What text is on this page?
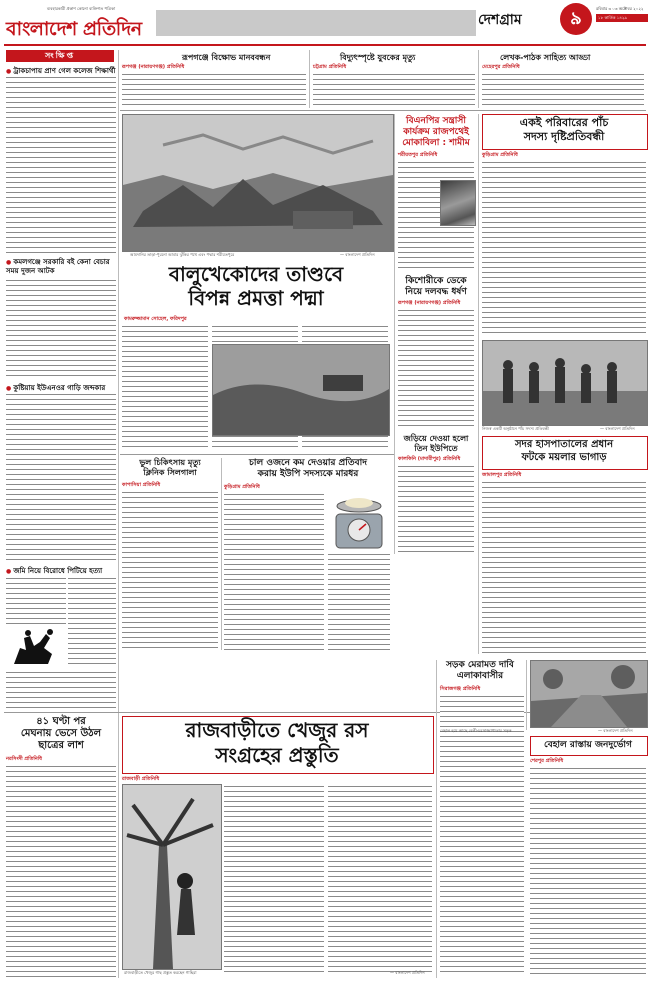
ব্যবহারকারী প্রকাশ কোনো ব্যক্তিগত পত্রিকা
বাংলাদেশ প্রতিদিন	দেশগ্রাম	৯	রবিবার ৩ ০৩ অক্টোবর ২০২২
১৮ কার্তিক ১৪২৯
সংক্ষিপ্ত
● ট্রাকচাপায় প্রাণ গেল কলেজ শিক্ষার্থী
● কমলগঞ্জে সরকারি বই কেনা বেচার সময় দুজন আটক
● কুষ্টিয়ায় ইউএনওর গাড়ি জব্দকার
● জমি নিয়ে বিরোধে পিটিয়ে হত্যা
রূপগঞ্জে বিক্ষোভ মানববন্ধন
রূপগঞ্জ (নারায়ণগঞ্জ) প্রতিনিধি
বিদ্যুৎস্পৃষ্টে যুবকের মৃত্যু
চট্টগ্রাম প্রতিনিধি
লেখক-পাঠক সাহিত্য আড্ডা
মেহেরপুর প্রতিনিধি
আমদানির তাড়া-পুরনো আবার ঝুঁকির পথে এবং পদ্মার শরীয়তপুরে	— বাংলাদেশ প্রতিদিন
বালুখেকোদের তাণ্ডবে
বিপন্ন প্রমত্তা পদ্মা
কামরুজ্জামান সোহেল, ফরিদপুর
বিএনপির সন্ত্রাসী
কার্যক্রম রাজপথেই
মোকাবিলা : শামীম
শরীয়তপুর প্রতিনিধি
কিশোরীকে ডেকে
নিয়ে দলবদ্ধ ধর্ষণ
রূপগঞ্জ (নারায়ণগঞ্জ) প্রতিনিধি
জড়িয়ে দেওয়া হলো
তিন ইউপিতে
কালকিনি (মাদারীপুর) প্রতিনিধি
একই পরিবারের পাঁচ
সদস্য দৃষ্টিপ্রতিবন্ধী
কুড়িগ্রাম প্রতিনিধি
নিজস্ব একটি অনুষ্ঠানে পাঁচ সদস্য প্রতিবন্ধী	— বাংলাদেশ প্রতিদিন
সদর হাসপাতালের প্রধান
ফটকে ময়লার ভাগাড়
জামালপুর প্রতিনিধি
ভুল চিকিৎসায় মৃত্যু
ক্লিনিক সিলগালা
কাপাসিয়া প্রতিনিধি
চাল ওজনে কম দেওয়ার প্রতিবাদ
করায় ইউপি সদস্যকে মারধর
কুড়িগ্রাম প্রতিনিধি
৪১ ঘণ্টা পর
মেঘনায় ভেসে উঠল
ছাত্রের লাশ
নরসিংদী প্রতিনিধি
রাজবাড়ীতে খেজুর রস
সংগ্রহের প্রস্তুতি
রাজবাড়ী প্রতিনিধি
রাজবাড়ীতে খেজুর গাছ প্রস্তুত করছেন গাছিরা	— বাংলাদেশ প্রতিদিন
সড়ক মেরামত দাবি
এলাকাবাসীর
সিরাজগঞ্জ প্রতিনিধি
বেহাল হয়ে আছে বেলী-চরসাজ্জাপাতার সড়ক	— বাংলাদেশ প্রতিদিন
বেহাল রাস্তায় জনদুর্ভোগ
শেরপুর প্রতিনিধি
